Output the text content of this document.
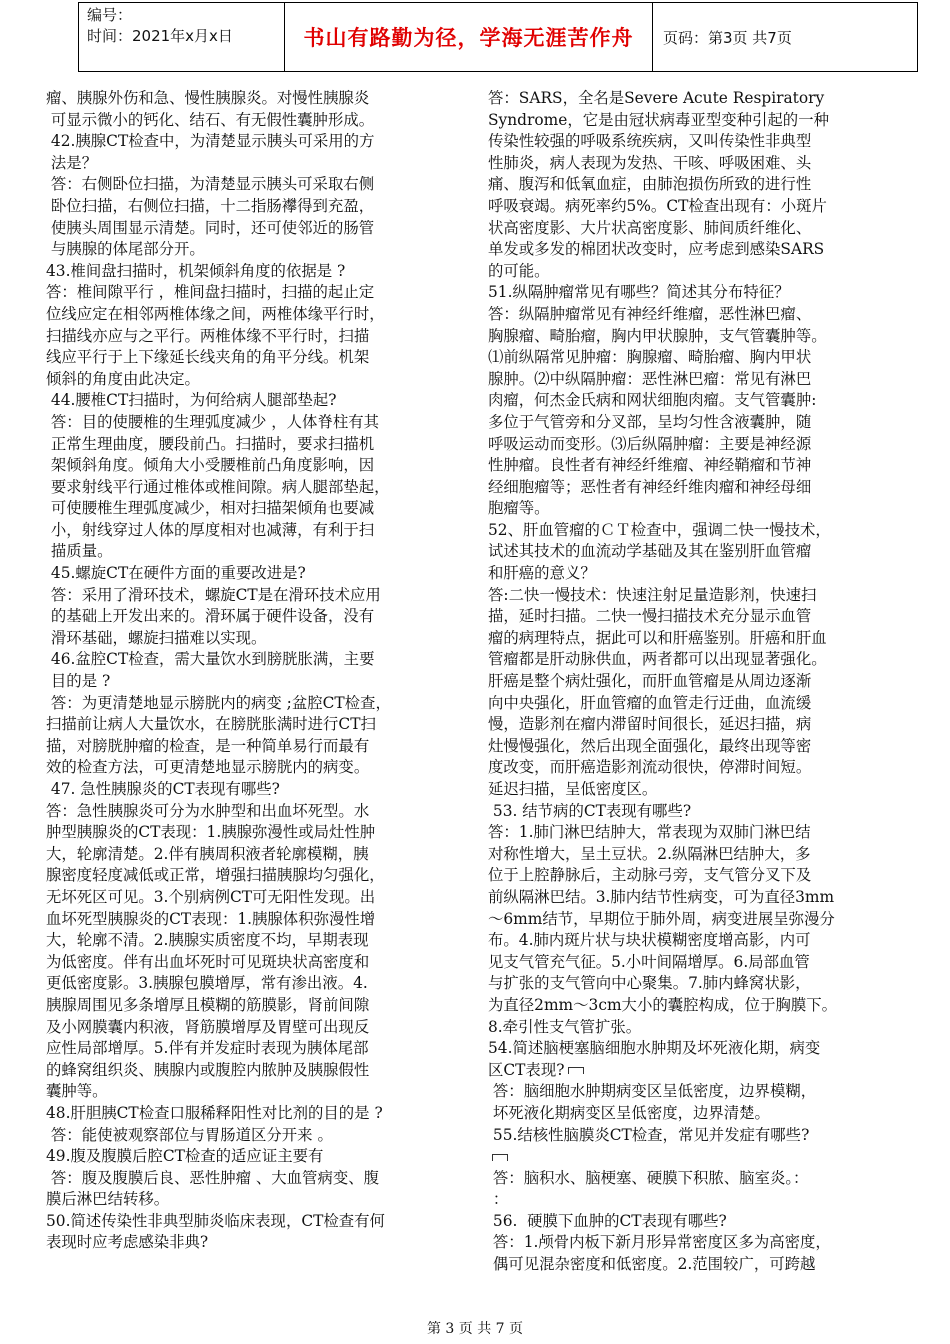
编号：
时间：2021年x月x日	书山有路勤为径，学海无涯苦作舟	页码：第3页 共7页

瘤、胰腺外伤和急、慢性胰腺炎。对慢性胰腺炎

可显示微小的钙化、结石、有无假性囊肿形成。

42.胰腺CT检查中，为清楚显示胰头可采用的方

法是？

答：右侧卧位扫描，为清楚显示胰头可采取右侧

卧位扫描，右侧位扫描，十二指肠襻得到充盈，

使胰头周围显示清楚。同时，还可使邻近的肠管

与胰腺的体尾部分开。

43.椎间盘扫描时，机架倾斜角度的依据是 ?

答：椎间隙平行 ，椎间盘扫描时，扫描的起止定

位线应定在相邻两椎体缘之间，两椎体缘平行时，

扫描线亦应与之平行。两椎体缘不平行时，扫描

线应平行于上下缘延长线夹角的角平分线。机架

倾斜的角度由此决定。

44.腰椎CT扫描时，为何给病人腿部垫起?

答：目的使腰椎的生理弧度减少 ，人体脊柱有其

正常生理曲度，腰段前凸。扫描时，要求扫描机

架倾斜角度。倾角大小受腰椎前凸角度影响，因

要求射线平行通过椎体或椎间隙。病人腿部垫起，

可使腰椎生理弧度减少，相对扫描架倾角也要减

小，射线穿过人体的厚度相对也减薄，有利于扫

描质量。

45.螺旋CT在硬件方面的重要改进是?

答：采用了滑环技术，螺旋CT是在滑环技术应用

的基础上开发出来的。滑环属于硬件设备，没有

滑环基础，螺旋扫描难以实现。

46.盆腔CT检查，需大量饮水到膀胱胀满，主要

目的是 ?

答：为更清楚地显示膀胱内的病变 ;盆腔CT检查，

扫描前让病人大量饮水，在膀胱胀满时进行CT扫

描，对膀胱肿瘤的检查，是一种简单易行而最有

效的检查方法，可更清楚地显示膀胱内的病变。

47. 急性胰腺炎的CT表现有哪些?

答：急性胰腺炎可分为水肿型和出血坏死型。水

肿型胰腺炎的CT表现：1.胰腺弥漫性或局灶性肿

大，轮廓清楚。2.伴有胰周积液者轮廓模糊，胰

腺密度轻度减低或正常，增强扫描胰腺均匀强化，

无坏死区可见。3.个别病例CT可无阳性发现。出

血坏死型胰腺炎的CT表现：1.胰腺体积弥漫性增

大，轮廓不清。2.胰腺实质密度不均，早期表现

为低密度。伴有出血坏死时可见斑块状高密度和

更低密度影。3.胰腺包膜增厚，常有渗出液。4.

胰腺周围见多条增厚且模糊的筋膜影，肾前间隙

及小网膜囊内积液，肾筋膜增厚及胃壁可出现反

应性局部增厚。5.伴有并发症时表现为胰体尾部

的蜂窝组织炎、胰腺内或腹腔内脓肿及胰腺假性

囊肿等。

48.肝胆胰CT检查口服稀释阳性对比剂的目的是 ?

答：能使被观察部位与胃肠道区分开来 。

49.腹及腹膜后腔CT检查的适应证主要有

答：腹及腹膜后良、恶性肿瘤 、大血管病变、腹

膜后淋巴结转移。

50.简述传染性非典型肺炎临床表现，CT检查有何

表现时应考虑感染非典?

答：SARS，全名是Severe Acute Respiratory

Syndrome，它是由冠状病毒亚型变种引起的一种

传染性较强的呼吸系统疾病，又叫传染性非典型

性肺炎，病人表现为发热、干咳、呼吸困难、头

痛、腹泻和低氧血症，由肺泡损伤所致的进行性

呼吸衰竭。病死率约5%。CT检查出现有：小斑片

状高密度影、大片状高密度影、肺间质纤维化、

单发或多发的棉团状改变时，应考虑到感染SARS

的可能。

51.纵隔肿瘤常见有哪些？简述其分布特征？

答：纵隔肿瘤常见有神经纤维瘤，恶性淋巴瘤、

胸腺瘤、畸胎瘤，胸内甲状腺肿，支气管囊肿等。

⑴前纵隔常见肿瘤：胸腺瘤、畸胎瘤、胸内甲状

腺肿。⑵中纵隔肿瘤：恶性淋巴瘤：常见有淋巴

肉瘤，何杰金氏病和网状细胞肉瘤。支气管囊肿:

多位于气管旁和分叉部，呈均匀性含液囊肿，随

呼吸运动而变形。⑶后纵隔肿瘤：主要是神经源

性肿瘤。良性者有神经纤维瘤、神经鞘瘤和节神

经细胞瘤等；恶性者有神经纤维肉瘤和神经母细

胞瘤等。

52、肝血管瘤的ＣＴ检查中，强调二快一慢技术，

试述其技术的血流动学基础及其在鉴别肝血管瘤

和肝癌的意义？

答:二快一慢技术：快速注射足量造影剂，快速扫

描，延时扫描。二快一慢扫描技术充分显示血管

瘤的病理特点，据此可以和肝癌鉴别。肝癌和肝血

管瘤都是肝动脉供血，两者都可以出现显著强化。

肝癌是整个病灶强化，而肝血管瘤是从周边逐渐

向中央强化，肝血管瘤的血管走行迂曲，血流缓

慢，造影剂在瘤内滞留时间很长，延迟扫描，病

灶慢慢强化，然后出现全面强化，最终出现等密

度改变，而肝癌造影剂流动很快，停滞时间短。

延迟扫描，呈低密度区。

53. 结节病的CT表现有哪些?

答：1.肺门淋巴结肿大，常表现为双肺门淋巴结

对称性增大，呈土豆状。2.纵隔淋巴结肿大，多

位于上腔静脉后，主动脉弓旁，支气管分叉下及

前纵隔淋巴结。3.肺内结节性病变，可为直径3mm

～6mm结节，早期位于肺外周，病变进展呈弥漫分

布。4.肺内斑片状与块状模糊密度增高影，内可

见支气管充气征。5.小叶间隔增厚。6.局部血管

与扩张的支气管向中心聚集。7.肺内蜂窝状影，

为直径2mm～3cm大小的囊腔构成，位于胸膜下。

8.牵引性支气管扩张。

54.简述脑梗塞脑细胞水肿期及坏死液化期，病变

区CT表现?

答：脑细胞水肿期病变区呈低密度，边界模糊，

坏死液化期病变区呈低密度，边界清楚。

55.结核性脑膜炎CT检查，常见并发症有哪些?

答：脑积水、脑梗塞、硬膜下积脓、脑室炎。：

：

56.  硬膜下血肿的CT表现有哪些?

答：1.颅骨内板下新月形异常密度区多为高密度，

偶可见混杂密度和低密度。2.范围较广，可跨越

第 3 页 共 7 页
